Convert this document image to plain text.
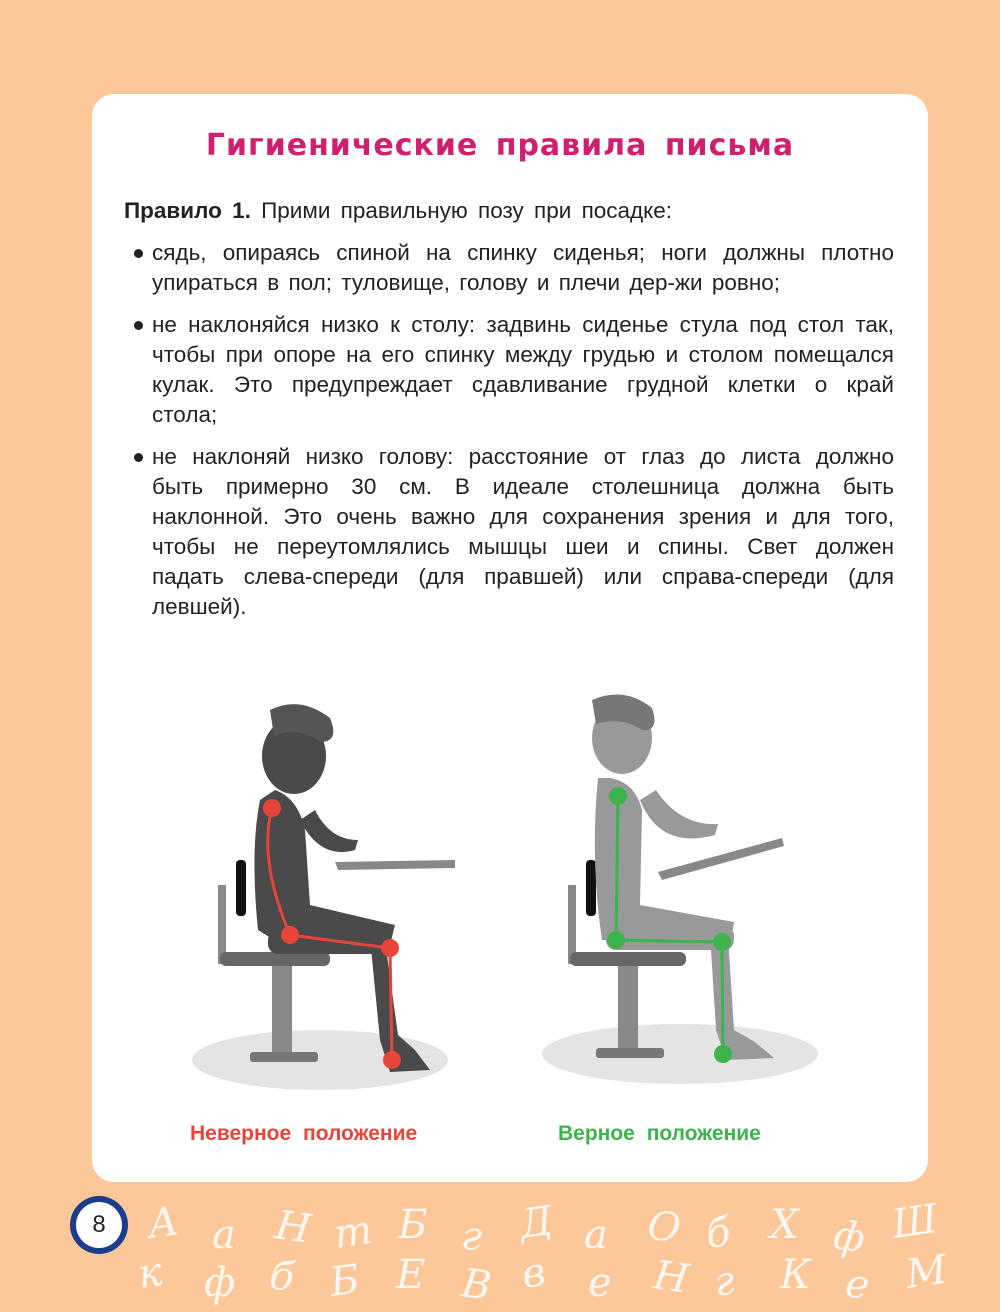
Гигиенические правила письма

Правило 1. Прими правильную позу при посадке:

сядь, опираясь спиной на спинку сиденья; ноги должны плотно упираться в пол; туловище, голову и плечи дер-жи ровно;

не наклоняйся низко к столу: задвинь сиденье стула под стол так, чтобы при опоре на его спинку между грудью и столом помещался кулак. Это предупреждает сдавливание грудной клетки о край стола;

не наклоняй низко голову: расстояние от глаз до листа должно быть примерно 30 см. В идеале столешница должна быть наклонной. Это очень важно для сохранения зрения и для того, чтобы не переутомлялись мышцы шеи и спины. Свет должен падать слева-спереди (для правшей) или справа-спереди (для левшей).

Неверное положение	Верное положение
8 А а Н т Б г Д а О б Х ф Ш
к ф б Б Е В в е Н г К е М
